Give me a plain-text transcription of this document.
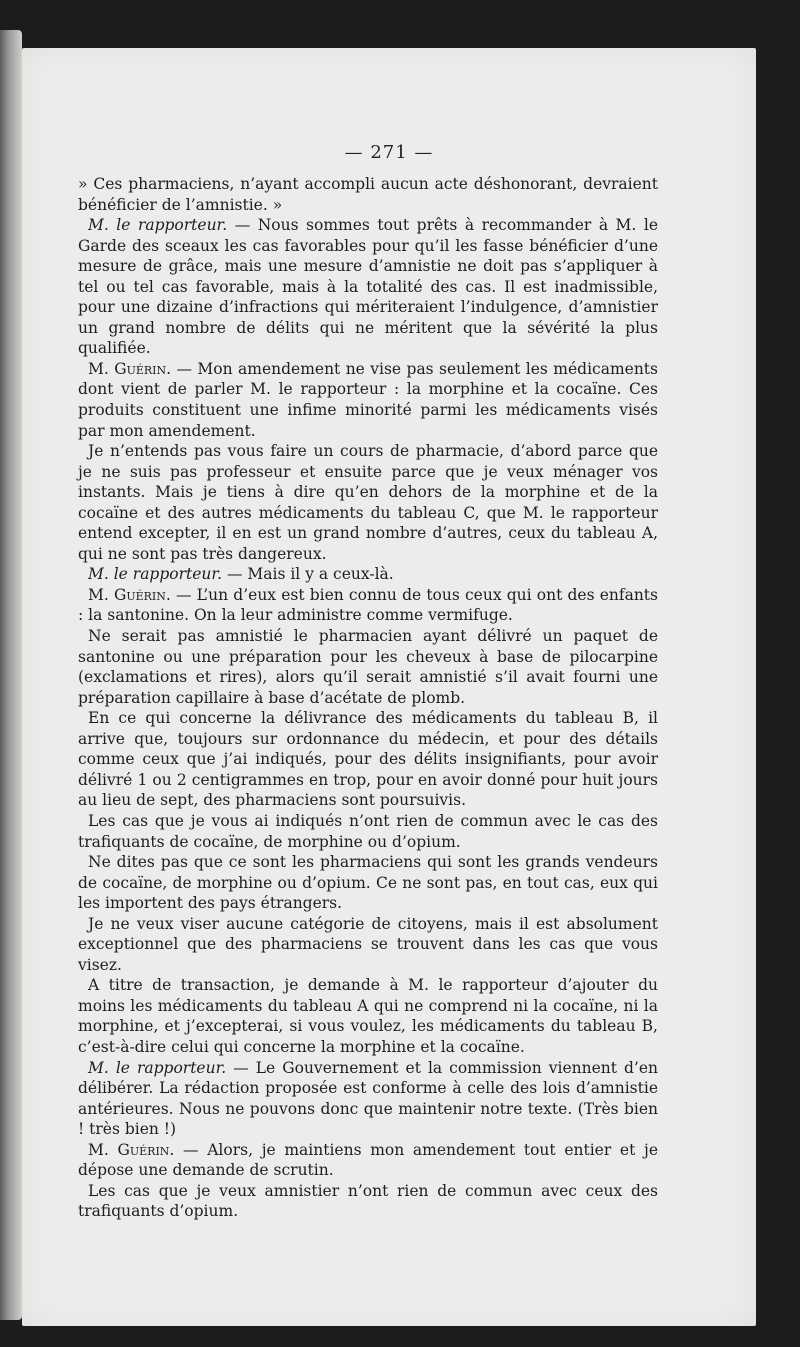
— 271 —

» Ces pharmaciens, n’ayant accompli aucun acte déshonorant, devraient bénéficier de l’amnistie. »

M. le rapporteur. — Nous sommes tout prêts à recommander à M. le Garde des sceaux les cas favorables pour qu’il les fasse bénéficier d’une mesure de grâce, mais une mesure d’amnistie ne doit pas s’appliquer à tel ou tel cas favorable, mais à la totalité des cas. Il est inadmissible, pour une dizaine d’infractions qui mériteraient l’indulgence, d’amnistier un grand nombre de délits qui ne méritent que la sévérité la plus qualifiée.

M. Guérin. — Mon amendement ne vise pas seulement les médicaments dont vient de parler M. le rapporteur : la morphine et la cocaïne. Ces produits constituent une infime minorité parmi les médicaments visés par mon amendement.

Je n’entends pas vous faire un cours de pharmacie, d’abord parce que je ne suis pas professeur et ensuite parce que je veux ménager vos instants. Mais je tiens à dire qu’en dehors de la morphine et de la cocaïne et des autres médicaments du tableau C, que M. le rapporteur entend excepter, il en est un grand nombre d’autres, ceux du tableau A, qui ne sont pas très dangereux.

M. le rapporteur. — Mais il y a ceux-là.

M. Guérin. — L’un d’eux est bien connu de tous ceux qui ont des enfants : la santonine. On la leur administre comme vermifuge.

Ne serait pas amnistié le pharmacien ayant délivré un paquet de santonine ou une préparation pour les cheveux à base de pilocarpine (exclamations et rires), alors qu’il serait amnistié s’il avait fourni une préparation capillaire à base d’acétate de plomb.

En ce qui concerne la délivrance des médicaments du tableau B, il arrive que, toujours sur ordonnance du médecin, et pour des détails comme ceux que j’ai indiqués, pour des délits insignifiants, pour avoir délivré 1 ou 2 centigrammes en trop, pour en avoir donné pour huit jours au lieu de sept, des pharmaciens sont poursuivis.

Les cas que je vous ai indiqués n’ont rien de commun avec le cas des trafiquants de cocaïne, de morphine ou d’opium.

Ne dites pas que ce sont les pharmaciens qui sont les grands vendeurs de cocaïne, de morphine ou d’opium. Ce ne sont pas, en tout cas, eux qui les importent des pays étrangers.

Je ne veux viser aucune catégorie de citoyens, mais il est absolument exceptionnel que des pharmaciens se trouvent dans les cas que vous visez.

A titre de transaction, je demande à M. le rapporteur d’ajouter du moins les médicaments du tableau A qui ne comprend ni la cocaïne, ni la morphine, et j’excepterai, si vous voulez, les médicaments du tableau B, c’est-à-dire celui qui concerne la morphine et la cocaïne.

M. le rapporteur. — Le Gouvernement et la commission viennent d’en délibérer. La rédaction proposée est conforme à celle des lois d’amnistie antérieures. Nous ne pouvons donc que maintenir notre texte. (Très bien ! très bien !)

M. Guérin. — Alors, je maintiens mon amendement tout entier et je dépose une demande de scrutin.

Les cas que je veux amnistier n’ont rien de commun avec ceux des trafiquants d’opium.
